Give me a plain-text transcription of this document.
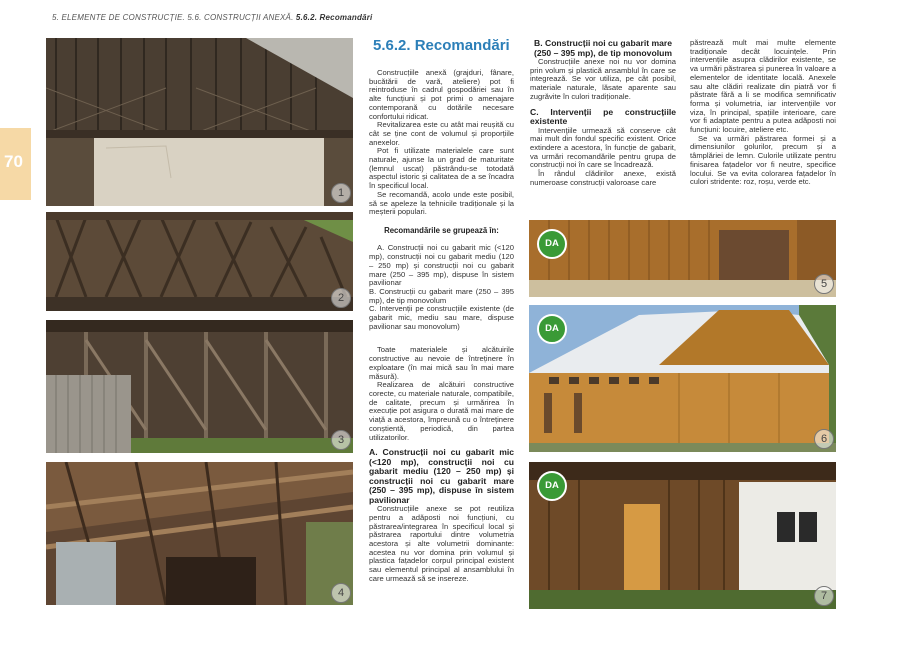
5. ELEMENTE DE CONSTRUCȚIE. 5.6. CONSTRUCȚII ANEXĂ. 5.6.2. Recomandări
70
1
2
3
4
5.6.2. Recomandări

Construcțiile anexă (grajduri, fânare, bucătării de vară, ateliere) pot fi reintroduse în cadrul gospodăriei sau în alte funcțiuni și pot primi o amenajare contemporană cu dotările necesare confortului ridicat.

Revitalizarea este cu atât mai reușită cu cât se ține cont de volumul și proporțiile anexelor.

Pot fi utilizate materialele care sunt naturale, ajunse la un grad de maturitate (lemnul uscat) păstrându-se totodată aspectul istoric și calitatea de a se încadra în specificul local.

Se recomandă, acolo unde este posibil, să se apeleze la tehnicile tradiționale și la meșterii populari.

Recomandările se grupează în:

A. Construcții noi cu gabarit mic (<120 mp), construcții noi cu gabarit mediu (120 – 250 mp) și construcții noi cu gabarit mare (250 – 395 mp), dispuse în sistem pavilionar

B. Construcții cu gabarit mare (250 – 395 mp), de tip monovolum

C. Intervenții pe construcțiile existente (de gabarit mic, mediu sau mare, dispuse pavilionar sau monovolum)

Toate materialele și alcătuirile constructive au nevoie de întreținere în exploatare (în mai mică sau în mai mare măsură).

Realizarea de alcătuiri constructive corecte, cu materiale naturale, compatibile, de calitate, precum și urmărirea în execuție pot asigura o durată mai mare de viață a acestora, împreună cu o întreținere conștientă, periodică, din partea utilizatorilor.

A. Construcții noi cu gabarit mic (<120 mp), construcții noi cu gabarit mediu (120 – 250 mp) și construcții noi cu gabarit mare (250 – 395 mp), dispuse în sistem pavilionar

Construcțiile anexe se pot reutiliza pentru a adăposti noi funcțiuni, cu păstrarea/integrarea în specificul local și păstrarea raportului dintre volumetria acestora și alte volumetrii dominante: acestea nu vor domina prin volumul și plastica fațadelor corpul principal existent sau elementul principal al ansamblului în care urmează să se insereze.

B. Construcții noi cu gabarit mare (250 – 395 mp), de tip monovolum

Construcțiile anexe noi nu vor domina prin volum și plastică ansamblul în care se integrează. Se vor utiliza, pe cât posibil, materiale naturale, lăsate aparente sau zugrăvite în culori tradiționale.

C. Intervenții pe construcțiile existente

Intervenţiile urmează să conserve cât mai mult din fondul specific existent. Orice extindere a acestora, în funcție de gabarit, va urmări recomandările pentru grupa de construcții noi în care se încadrează.

În rândul clădirilor anexe, există numeroase construcții valoroase care

păstrează mult mai multe elemente tradiționale decât locuințele. Prin intervențiile asupra clădirilor existente, se va urmări păstrarea și punerea în valoare a elementelor de identitate locală. Anexele sau alte clădiri realizate din piatră vor fi păstrate fără a li se modifica semnificativ forma și volumetria, iar intervențiile vor viza, în principal, spațiile interioare, care vor fi adaptate pentru a putea adăposti noi funcțiuni: locuire, ateliere etc.

Se va urmări păstrarea formei și a dimensiunilor golurilor, precum și a tâmplăriei de lemn. Culorile utilizate pentru finisarea fațadelor vor fi neutre, specifice locului. Se va evita colorarea fațadelor în culori stridente: roz, roșu, verde etc.

DA
5
DA
6
DA
7
